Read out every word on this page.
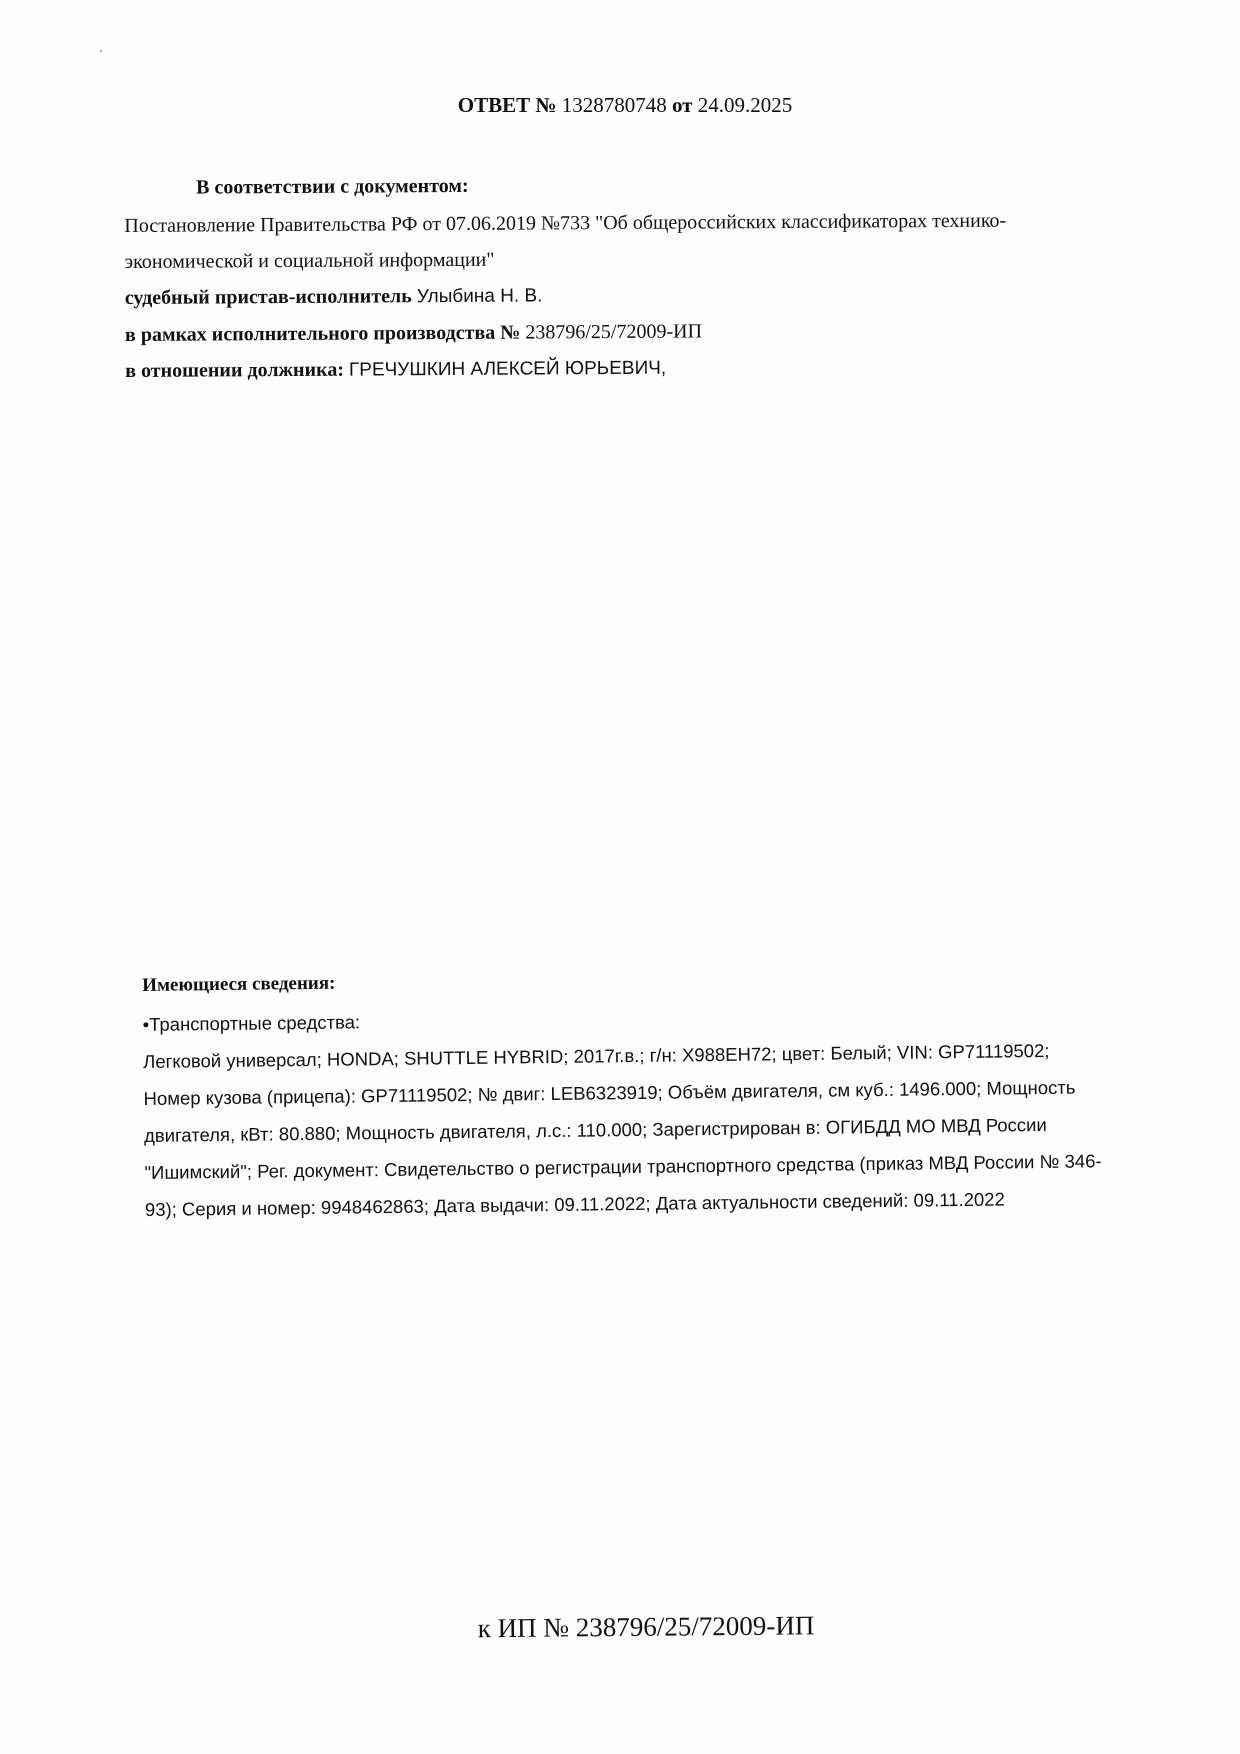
ОТВЕТ № 1328780748 от 24.09.2025
В соответствии с документом:
Постановление Правительства РФ от 07.06.2019 №733 "Об общероссийских классификаторах технико-
экономической и социальной информации"
судебный пристав-исполнитель Улыбина Н. В.
в рамках исполнительного производства № 238796/25/72009-ИП
в отношении должника: ГРЕЧУШКИН АЛЕКСЕЙ ЮРЬЕВИЧ,
Имеющиеся сведения:
•Транспортные средства:

Легковой универсал; HONDA; SHUTTLE HYBRID; 2017г.в.; г/н: Х988ЕН72; цвет: Белый; VIN: GP71119502; Номер кузова (прицепа): GP71119502; № двиг: LEB6323919; Объём двигателя, см куб.: 1496.000; Мощность двигателя, кВт: 80.880; Мощность двигателя, л.с.: 110.000; Зарегистрирован в: ОГИБДД МО МВД России "Ишимский"; Рег. документ: Свидетельство о регистрации транспортного средства (приказ МВД России № 346-93); Серия и номер: 9948462863; Дата выдачи: 09.11.2022; Дата актуальности сведений: 09.11.2022

к ИП № 238796/25/72009-ИП
